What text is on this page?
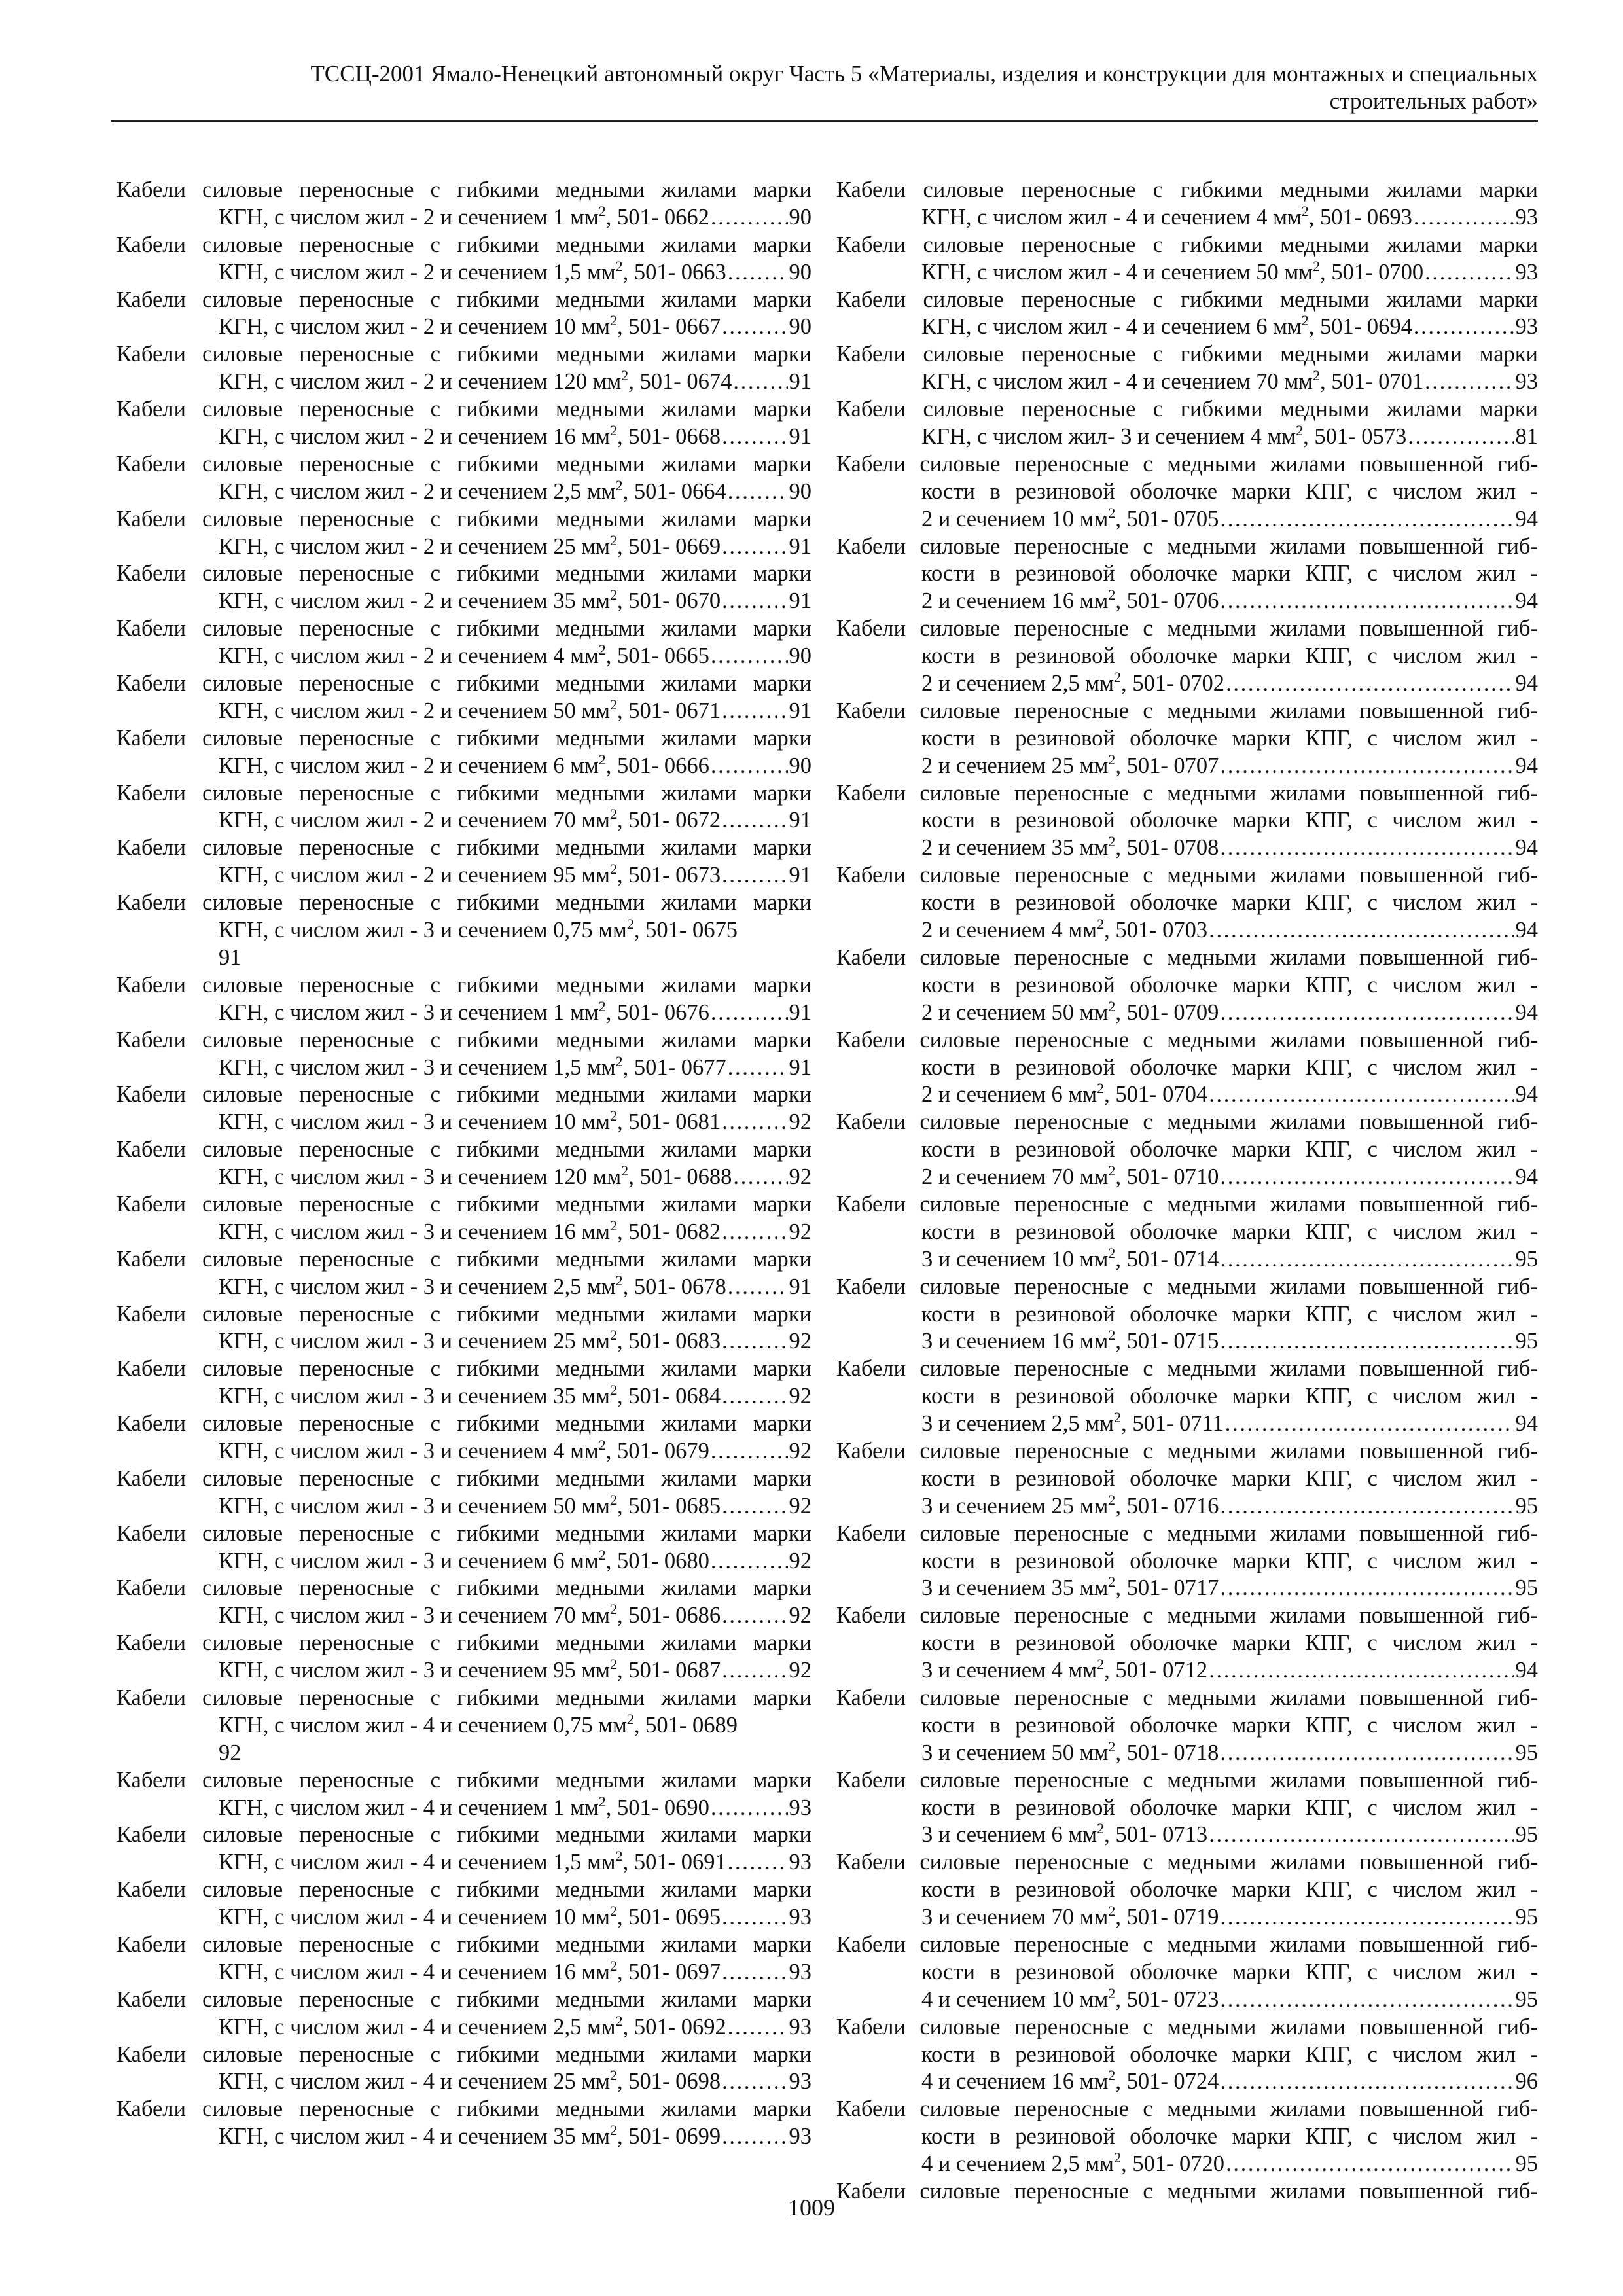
ТССЦ-2001 Ямало-Ненецкий автономный округ Часть 5 «Материалы, изделия и конструкции для монтажных и специальных
строительных работ»
Кабели силовые переносные с гибкими медными жилами марки
КГН, с числом жил - 2 и сечением 1 $мм^2$, 501- 0662 . . .	90
Кабели силовые переносные с гибкими медными жилами марки
КГН, с числом жил - 2 и сечением 1,5 $мм^2$, 501- 0663 . . .	90
Кабели силовые переносные с гибкими медными жилами марки
КГН, с числом жил - 2 и сечением 10 $мм^2$, 501- 0667 . . .	90
Кабели силовые переносные с гибкими медными жилами марки
КГН, с числом жил - 2 и сечением 120 $мм^2$, 501- 0674 . . .	91
Кабели силовые переносные с гибкими медными жилами марки
КГН, с числом жил - 2 и сечением 16 $мм^2$, 501- 0668 . . .	91
Кабели силовые переносные с гибкими медными жилами марки
КГН, с числом жил - 2 и сечением 2,5 $мм^2$, 501- 0664 . . .	90
Кабели силовые переносные с гибкими медными жилами марки
КГН, с числом жил - 2 и сечением 25 $мм^2$, 501- 0669 . . .	91
Кабели силовые переносные с гибкими медными жилами марки
КГН, с числом жил - 2 и сечением 35 $мм^2$, 501- 0670 . . .	91
Кабели силовые переносные с гибкими медными жилами марки
КГН, с числом жил - 2 и сечением 4 $мм^2$, 501- 0665 . . .	90
Кабели силовые переносные с гибкими медными жилами марки
КГН, с числом жил - 2 и сечением 50 $мм^2$, 501- 0671 . . .	91
Кабели силовые переносные с гибкими медными жилами марки
КГН, с числом жил - 2 и сечением 6 $мм^2$, 501- 0666 . . .	90
Кабели силовые переносные с гибкими медными жилами марки
КГН, с числом жил - 2 и сечением 70 $мм^2$, 501- 0672 . . .	91
Кабели силовые переносные с гибкими медными жилами марки
КГН, с числом жил - 2 и сечением 95 $мм^2$, 501- 0673 . . .	91
Кабели силовые переносные с гибкими медными жилами марки
КГН, с числом жил - 3 и сечением 0,75 $мм^2$, 501- 0675
91
Кабели силовые переносные с гибкими медными жилами марки
КГН, с числом жил - 3 и сечением 1 $мм^2$, 501- 0676 . . .	91
Кабели силовые переносные с гибкими медными жилами марки
КГН, с числом жил - 3 и сечением 1,5 $мм^2$, 501- 0677 . . .	91
Кабели силовые переносные с гибкими медными жилами марки
КГН, с числом жил - 3 и сечением 10 $мм^2$, 501- 0681 . . .	92
Кабели силовые переносные с гибкими медными жилами марки
КГН, с числом жил - 3 и сечением 120 $мм^2$, 501- 0688 . . .	92
Кабели силовые переносные с гибкими медными жилами марки
КГН, с числом жил - 3 и сечением 16 $мм^2$, 501- 0682 . . .	92
Кабели силовые переносные с гибкими медными жилами марки
КГН, с числом жил - 3 и сечением 2,5 $мм^2$, 501- 0678 . . .	91
Кабели силовые переносные с гибкими медными жилами марки
КГН, с числом жил - 3 и сечением 25 $мм^2$, 501- 0683 . . .	92
Кабели силовые переносные с гибкими медными жилами марки
КГН, с числом жил - 3 и сечением 35 $мм^2$, 501- 0684 . . .	92
Кабели силовые переносные с гибкими медными жилами марки
КГН, с числом жил - 3 и сечением 4 $мм^2$, 501- 0679 . . .	92
Кабели силовые переносные с гибкими медными жилами марки
КГН, с числом жил - 3 и сечением 50 $мм^2$, 501- 0685 . . .	92
Кабели силовые переносные с гибкими медными жилами марки
КГН, с числом жил - 3 и сечением 6 $мм^2$, 501- 0680 . . .	92
Кабели силовые переносные с гибкими медными жилами марки
КГН, с числом жил - 3 и сечением 70 $мм^2$, 501- 0686 . . .	92
Кабели силовые переносные с гибкими медными жилами марки
КГН, с числом жил - 3 и сечением 95 $мм^2$, 501- 0687 . . .	92
Кабели силовые переносные с гибкими медными жилами марки
КГН, с числом жил - 4 и сечением 0,75 $мм^2$, 501- 0689
92
Кабели силовые переносные с гибкими медными жилами марки
КГН, с числом жил - 4 и сечением 1 $мм^2$, 501- 0690 . . .	93
Кабели силовые переносные с гибкими медными жилами марки
КГН, с числом жил - 4 и сечением 1,5 $мм^2$, 501- 0691 . . .	93
Кабели силовые переносные с гибкими медными жилами марки
КГН, с числом жил - 4 и сечением 10 $мм^2$, 501- 0695 . . .	93
Кабели силовые переносные с гибкими медными жилами марки
КГН, с числом жил - 4 и сечением 16 $мм^2$, 501- 0697 . . .	93
Кабели силовые переносные с гибкими медными жилами марки
КГН, с числом жил - 4 и сечением 2,5 $мм^2$, 501- 0692 . . .	93
Кабели силовые переносные с гибкими медными жилами марки
КГН, с числом жил - 4 и сечением 25 $мм^2$, 501- 0698 . . .	93
Кабели силовые переносные с гибкими медными жилами марки
КГН, с числом жил - 4 и сечением 35 $мм^2$, 501- 0699 . . .	93
Кабели силовые переносные с гибкими медными жилами марки
КГН, с числом жил - 4 и сечением 4 $мм^2$, 501- 0693 . . .	93
Кабели силовые переносные с гибкими медными жилами марки
КГН, с числом жил - 4 и сечением 50 $мм^2$, 501- 0700 . . .	93
Кабели силовые переносные с гибкими медными жилами марки
КГН, с числом жил - 4 и сечением 6 $мм^2$, 501- 0694 . . .	93
Кабели силовые переносные с гибкими медными жилами марки
КГН, с числом жил - 4 и сечением 70 $мм^2$, 501- 0701 . . .	93
Кабели силовые переносные с гибкими медными жилами марки
КГН, с числом жил- 3 и сечением 4 $мм^2$, 501- 0573 . . .	81
Кабели силовые переносные с медными жилами повышенной гиб-
кости в резиновой оболочке марки КПГ, с числом жил -
2 и сечением 10 $мм^2$, 501- 0705 . . .	94
Кабели силовые переносные с медными жилами повышенной гиб-
кости в резиновой оболочке марки КПГ, с числом жил -
2 и сечением 16 $мм^2$, 501- 0706 . . .	94
Кабели силовые переносные с медными жилами повышенной гиб-
кости в резиновой оболочке марки КПГ, с числом жил -
2 и сечением 2,5 $мм^2$, 501- 0702 . . .	94
Кабели силовые переносные с медными жилами повышенной гиб-
кости в резиновой оболочке марки КПГ, с числом жил -
2 и сечением 25 $мм^2$, 501- 0707 . . .	94
Кабели силовые переносные с медными жилами повышенной гиб-
кости в резиновой оболочке марки КПГ, с числом жил -
2 и сечением 35 $мм^2$, 501- 0708 . . .	94
Кабели силовые переносные с медными жилами повышенной гиб-
кости в резиновой оболочке марки КПГ, с числом жил -
2 и сечением 4 $мм^2$, 501- 0703 . . .	94
Кабели силовые переносные с медными жилами повышенной гиб-
кости в резиновой оболочке марки КПГ, с числом жил -
2 и сечением 50 $мм^2$, 501- 0709 . . .	94
Кабели силовые переносные с медными жилами повышенной гиб-
кости в резиновой оболочке марки КПГ, с числом жил -
2 и сечением 6 $мм^2$, 501- 0704 . . .	94
Кабели силовые переносные с медными жилами повышенной гиб-
кости в резиновой оболочке марки КПГ, с числом жил -
2 и сечением 70 $мм^2$, 501- 0710 . . .	94
Кабели силовые переносные с медными жилами повышенной гиб-
кости в резиновой оболочке марки КПГ, с числом жил -
3 и сечением 10 $мм^2$, 501- 0714 . . .	95
Кабели силовые переносные с медными жилами повышенной гиб-
кости в резиновой оболочке марки КПГ, с числом жил -
3 и сечением 16 $мм^2$, 501- 0715 . . .	95
Кабели силовые переносные с медными жилами повышенной гиб-
кости в резиновой оболочке марки КПГ, с числом жил -
3 и сечением 2,5 $мм^2$, 501- 0711 . . .	94
Кабели силовые переносные с медными жилами повышенной гиб-
кости в резиновой оболочке марки КПГ, с числом жил -
3 и сечением 25 $мм^2$, 501- 0716 . . .	95
Кабели силовые переносные с медными жилами повышенной гиб-
кости в резиновой оболочке марки КПГ, с числом жил -
3 и сечением 35 $мм^2$, 501- 0717 . . .	95
Кабели силовые переносные с медными жилами повышенной гиб-
кости в резиновой оболочке марки КПГ, с числом жил -
3 и сечением 4 $мм^2$, 501- 0712 . . .	94
Кабели силовые переносные с медными жилами повышенной гиб-
кости в резиновой оболочке марки КПГ, с числом жил -
3 и сечением 50 $мм^2$, 501- 0718 . . .	95
Кабели силовые переносные с медными жилами повышенной гиб-
кости в резиновой оболочке марки КПГ, с числом жил -
3 и сечением 6 $мм^2$, 501- 0713 . . .	95
Кабели силовые переносные с медными жилами повышенной гиб-
кости в резиновой оболочке марки КПГ, с числом жил -
3 и сечением 70 $мм^2$, 501- 0719 . . .	95
Кабели силовые переносные с медными жилами повышенной гиб-
кости в резиновой оболочке марки КПГ, с числом жил -
4 и сечением 10 $мм^2$, 501- 0723 . . .	95
Кабели силовые переносные с медными жилами повышенной гиб-
кости в резиновой оболочке марки КПГ, с числом жил -
4 и сечением 16 $мм^2$, 501- 0724 . . .	96
Кабели силовые переносные с медными жилами повышенной гиб-
кости в резиновой оболочке марки КПГ, с числом жил -
4 и сечением 2,5 $мм^2$, 501- 0720 . . .	95
Кабели силовые переносные с медными жилами повышенной гиб-
1009
